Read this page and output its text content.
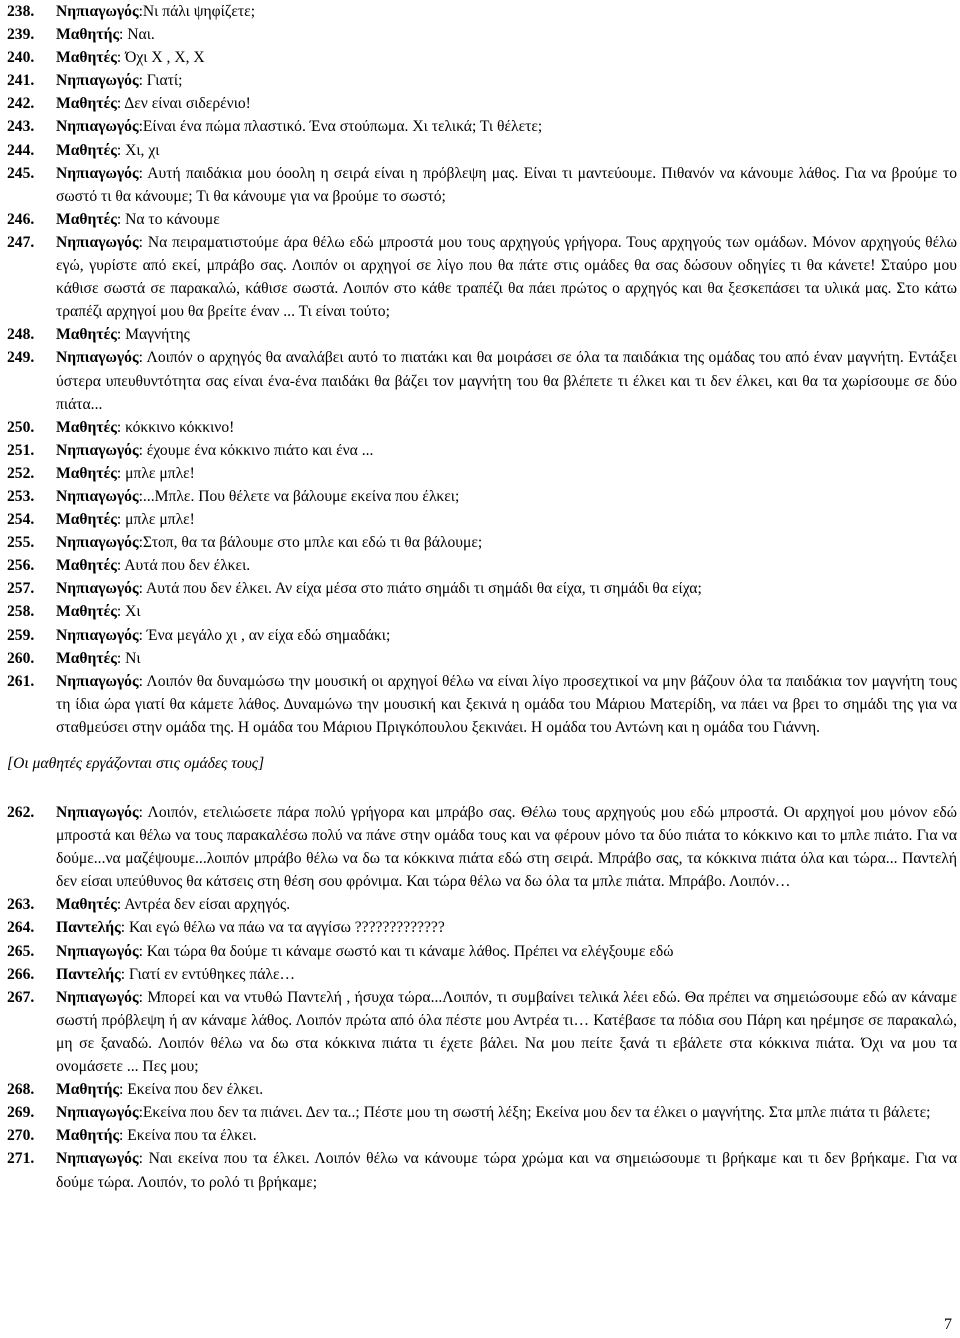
238.	Νηπιαγωγός:Νι πάλι ψηφίζετε;
239.	Μαθητής: Ναι.
240.	Μαθητές: Όχι Χ , Χ, Χ
241.	Νηπιαγωγός: Γιατί;
242.	Μαθητές: Δεν είναι σιδερένιο!
243.	Νηπιαγωγός:Είναι ένα πώμα πλαστικό. Ένα στούπωμα. Χι τελικά; Τι θέλετε;
244.	Μαθητές: Χι, χι
245.	Νηπιαγωγός: Αυτή παιδάκια μου όοολη η σειρά είναι η πρόβλεψη μας. Είναι τι μαντεύουμε. Πιθανόν να κάνουμε λάθος. Για να βρούμε το σωστό τι θα κάνουμε; Τι θα κάνουμε για να βρούμε το σωστό;
246.	Μαθητές: Να το κάνουμε
247.	Νηπιαγωγός: Να πειραματιστούμε άρα θέλω εδώ μπροστά μου τους αρχηγούς γρήγορα. Τους αρχηγούς των ομάδων. Μόνον αρχηγούς θέλω εγώ, γυρίστε από εκεί, μπράβο σας. Λοιπόν οι αρχηγοί σε λίγο που θα πάτε στις ομάδες θα σας δώσουν οδηγίες τι θα κάνετε! Σταύρο μου κάθισε σωστά σε παρακαλώ, κάθισε σωστά. Λοιπόν στο κάθε τραπέζι θα πάει πρώτος ο αρχηγός και θα ξεσκεπάσει τα υλικά μας. Στο κάτω τραπέζι αρχηγοί μου θα βρείτε έναν ... Τι είναι τούτο;
248.	Μαθητές: Μαγνήτης
249.	Νηπιαγωγός: Λοιπόν ο αρχηγός θα αναλάβει αυτό το πιατάκι και θα μοιράσει σε όλα τα παιδάκια της ομάδας του από έναν μαγνήτη. Εντάξει ύστερα υπευθυντότητα σας είναι ένα-ένα παιδάκι θα βάζει τον μαγνήτη του θα βλέπετε τι έλκει και τι δεν έλκει, και θα τα χωρίσουμε σε δύο πιάτα...
250.	Μαθητές: κόκκινο κόκκινο!
251.	Νηπιαγωγός: έχουμε ένα κόκκινο πιάτο και ένα ...
252.	Μαθητές: μπλε μπλε!
253.	Νηπιαγωγός:...Μπλε. Που θέλετε να βάλουμε εκείνα που έλκει;
254.	Μαθητές: μπλε μπλε!
255.	Νηπιαγωγός:Στοπ, θα τα βάλουμε στο μπλε και εδώ τι θα βάλουμε;
256.	Μαθητές: Αυτά που δεν έλκει.
257.	Νηπιαγωγός: Αυτά που δεν έλκει. Αν είχα μέσα στο πιάτο σημάδι τι σημάδι θα είχα, τι σημάδι θα είχα;
258.	Μαθητές: Χι
259.	Νηπιαγωγός: Ένα μεγάλο χι , αν είχα εδώ σημαδάκι;
260.	Μαθητές: Νι
261.	Νηπιαγωγός: Λοιπόν θα δυναμώσω την μουσική οι αρχηγοί θέλω να είναι λίγο προσεχτικοί να μην βάζουν όλα τα παιδάκια τον μαγνήτη τους τη ίδια ώρα γιατί θα κάμετε λάθος. Δυναμώνω την μουσική και ξεκινά η ομάδα του Μάριου Ματερίδη, να πάει να βρει το σημάδι της για να σταθμεύσει στην ομάδα της. Η ομάδα του Μάριου Πριγκόπουλου ξεκινάει. Η ομάδα του Αντώνη και η ομάδα του Γιάννη.
[Οι μαθητές εργάζονται στις ομάδες τους]
262.	Νηπιαγωγός: Λοιπόν, ετελιώσετε πάρα πολύ γρήγορα και μπράβο σας. Θέλω τους αρχηγούς μου εδώ μπροστά. Οι αρχηγοί μου μόνον εδώ μπροστά και θέλω να τους παρακαλέσω πολύ να πάνε στην ομάδα τους και να φέρουν μόνο τα δύο πιάτα το κόκκινο και το μπλε πιάτο. Για να δούμε...να μαζέψουμε...λοιπόν μπράβο θέλω να δω τα κόκκινα πιάτα εδώ στη σειρά. Μπράβο σας, τα κόκκινα πιάτα όλα και τώρα... Παντελή δεν είσαι υπεύθυνος θα κάτσεις στη θέση σου φρόνιμα. Και τώρα θέλω να δω όλα τα μπλε πιάτα. Μπράβο. Λοιπόν…
263.	Μαθητές: Αντρέα δεν είσαι αρχηγός.
264.	Παντελής: Και εγώ θέλω να πάω να τα αγγίσω ?????????????
265.	Νηπιαγωγός: Και τώρα θα δούμε τι κάναμε σωστό και τι κάναμε λάθος. Πρέπει να ελέγξουμε εδώ
266.	Παντελής: Γιατί εν εντύθηκες πάλε…
267.	Νηπιαγωγός: Μπορεί και να ντυθώ Παντελή , ήσυχα τώρα...Λοιπόν, τι συμβαίνει τελικά λέει εδώ. Θα πρέπει να σημειώσουμε εδώ αν κάναμε σωστή πρόβλεψη ή αν κάναμε λάθος. Λοιπόν πρώτα από όλα πέστε μου Αντρέα τι… Κατέβασε τα πόδια σου Πάρη και ηρέμησε σε παρακαλώ, μη σε ξαναδώ. Λοιπόν θέλω να δω στα κόκκινα πιάτα τι έχετε βάλει. Να μου πείτε ξανά τι εβάλετε στα κόκκινα πιάτα. Όχι να μου τα ονομάσετε ... Πες μου;
268.	Μαθητής: Εκείνα που δεν έλκει.
269.	Νηπιαγωγός:Εκείνα που δεν τα πιάνει. Δεν τα..; Πέστε μου τη σωστή λέξη; Εκείνα μου δεν τα έλκει ο μαγνήτης. Στα μπλε πιάτα τι βάλετε;
270.	Μαθητής: Εκείνα που τα έλκει.
271.	Νηπιαγωγός: Ναι εκείνα που τα έλκει. Λοιπόν θέλω να κάνουμε τώρα χρώμα και να σημειώσουμε τι βρήκαμε και τι δεν βρήκαμε. Για να δούμε τώρα. Λοιπόν, το ρολό τι βρήκαμε;
7
